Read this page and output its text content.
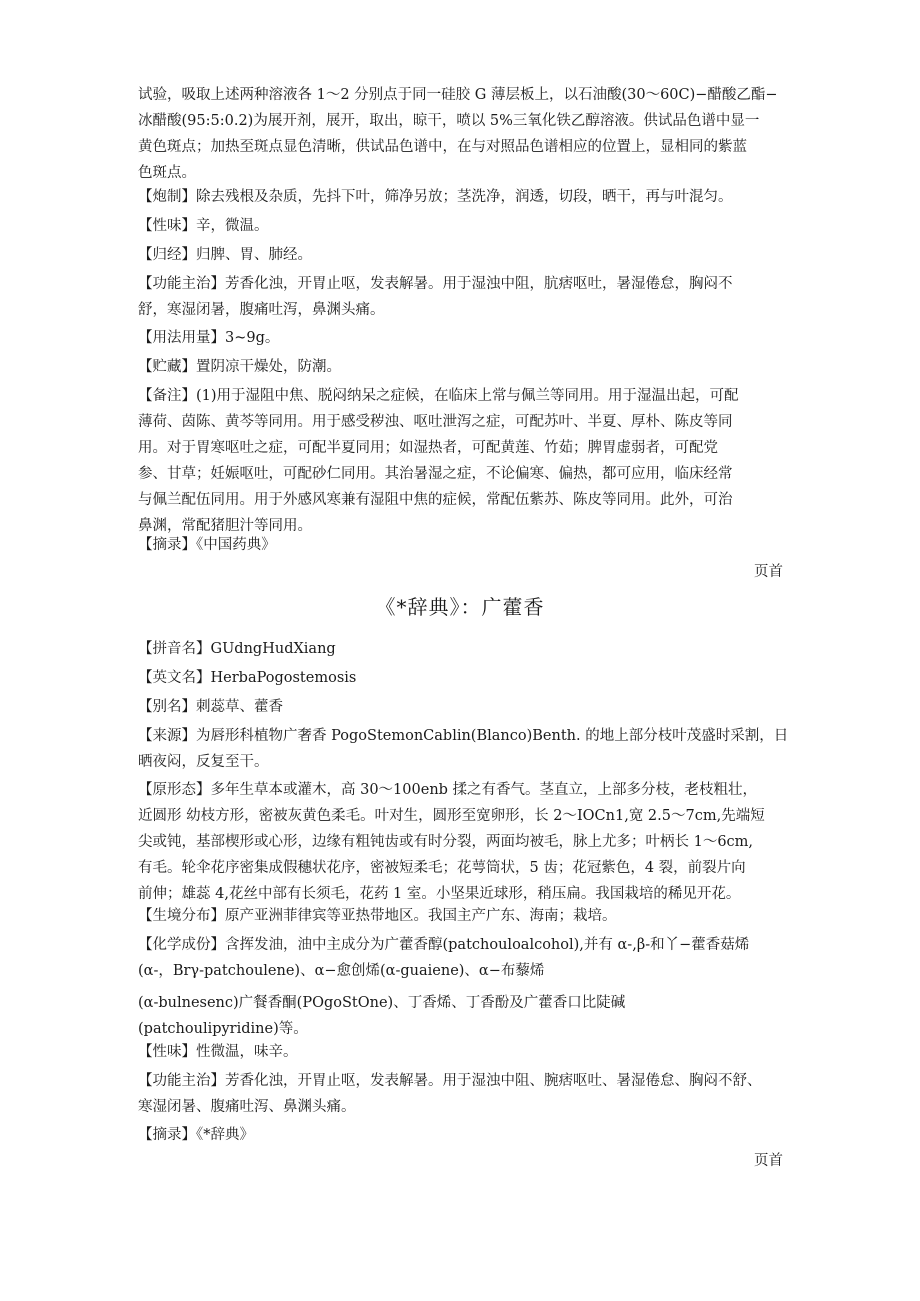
试验，吸取上述两种溶液各 1～2 分别点于同一硅胶 G 薄层板上，以石油酸(30～60C)−醋酸乙酯−
冰醋酸(95:5:0.2)为展开剂，展开，取出，晾干，喷以 5%三氧化铁乙醇溶液。供试品色谱中显一
黄色斑点；加热至斑点显色清晰，供试品色谱中，在与对照品色谱相应的位置上，显相同的紫蓝
色斑点。
【炮制】除去残根及杂质，先抖下叶，筛净另放；茎洗净，润透，切段，晒干，再与叶混匀。
【性味】辛，微温。
【归经】归脾、胃、肺经。
【功能主治】芳香化浊，开胃止呕，发表解暑。用于湿浊中阻，肮痞呕吐，暑湿倦怠，胸闷不
舒，寒湿闭暑，腹痛吐泻，鼻渊头痛。
【用法用量】3~9g。
【贮藏】置阴凉干燥处，防潮。
【备注】(1)用于湿阻中焦、脱闷纳呆之症候，在临床上常与佩兰等同用。用于湿温出起，可配
薄荷、茵陈、黄芩等同用。用于感受秽浊、呕吐泄泻之症，可配苏叶、半夏、厚朴、陈皮等同
用。对于胃寒呕吐之症，可配半夏同用；如湿热者，可配黄莲、竹茹；脾胃虚弱者，可配党
参、甘草；妊娠呕吐，可配砂仁同用。其治暑湿之症，不论偏寒、偏热，都可应用，临床经常
与佩兰配伍同用。用于外感风寒兼有湿阻中焦的症候，常配伍紫苏、陈皮等同用。此外，可治
鼻渊，常配猪胆汁等同用。
【摘录】《中国药典》
页首
《*辞典》：广藿香
【拼音名】GUdngHudXiang
【英文名】HerbaPogostemosis
【别名】刺蕊草、藿香
【来源】为唇形科植物广奢香 PogoStemonCablin(Blanco)Benth. 的地上部分枝叶茂盛时采割，日
晒夜闷，反复至干。
【原形态】多年生草本或灌木，高 30～100enb 揉之有香气。茎直立，上部多分枝，老枝粗壮，
近圆形 幼枝方形，密被灰黄色柔毛。叶对生，圆形至宽卵形，长 2～IOCn1,宽 2.5～7cm,先端短
尖或钝，基部楔形或心形，边缘有粗钝齿或有时分裂，两面均被毛，脉上尤多；叶柄长 1～6cm,
有毛。轮伞花序密集成假穗状花序，密被短柔毛；花萼筒状，5 齿；花冠紫色，4 裂，前裂片向
前伸；雄蕊 4,花丝中部有长须毛，花药 1 室。小坚果近球形，稍压扁。我国栽培的稀见开花。
【生境分布】原产亚洲菲律宾等亚热带地区。我国主产广东、海南；栽培。
【化学成份】含挥发油，油中主成分为广藿香醇(patchouloalcohol),并有 α-,β-和丫−藿香菇烯
(α-，Brγ-patchoulene)、α−愈创烯(α-guaiene)、α−布藜烯
(α-bulnesenc)广餐香酮(POgoStOne)、丁香烯、丁香酚及广藿香口比陡碱
(patchoulipyridine)等。
【性味】性微温，味辛。
【功能主治】芳香化浊，开胃止呕，发表解暑。用于湿浊中阻、腕痞呕吐、暑湿倦怠、胸闷不舒、
寒湿闭暑、腹痛吐泻、鼻渊头痛。
【摘录】《*辞典》
页首
